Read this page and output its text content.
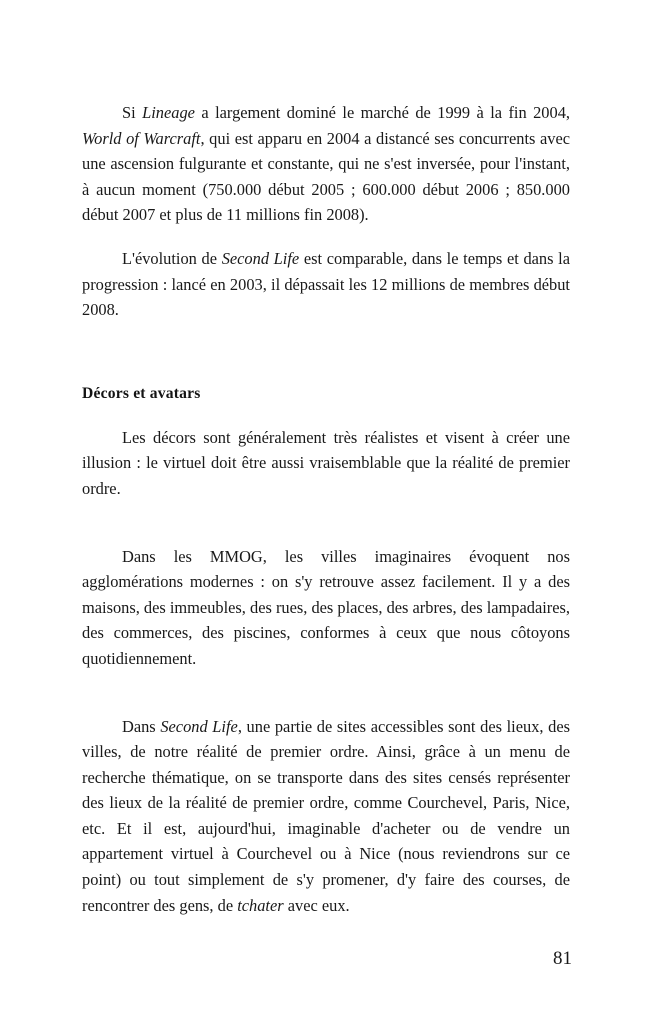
Si Lineage a largement dominé le marché de 1999 à la fin 2004, World of Warcraft, qui est apparu en 2004 a distancé ses concurrents avec une ascension fulgurante et constante, qui ne s'est inversée, pour l'instant, à aucun moment (750.000 début 2005 ; 600.000 début 2006 ; 850.000 début 2007 et plus de 11 millions fin 2008).

L'évolution de Second Life est comparable, dans le temps et dans la progression : lancé en 2003, il dépassait les 12 millions de membres début 2008.

Décors et avatars

Les décors sont généralement très réalistes et visent à créer une illusion : le virtuel doit être aussi vraisemblable que la réalité de premier ordre.

Dans les MMOG, les villes imaginaires évoquent nos agglomérations modernes : on s'y retrouve assez facilement. Il y a des maisons, des immeubles, des rues, des places, des arbres, des lampadaires, des commerces, des piscines, conformes à ceux que nous côtoyons quotidiennement.

Dans Second Life, une partie de sites accessibles sont des lieux, des villes, de notre réalité de premier ordre. Ainsi, grâce à un menu de recherche thématique, on se transporte dans des sites censés représenter des lieux de la réalité de premier ordre, comme Courchevel, Paris, Nice, etc. Et il est, aujourd'hui, imaginable d'acheter ou de vendre un appartement virtuel à Courchevel ou à Nice (nous reviendrons sur ce point) ou tout simplement de s'y promener, d'y faire des courses, de rencontrer des gens, de tchater avec eux.

81
